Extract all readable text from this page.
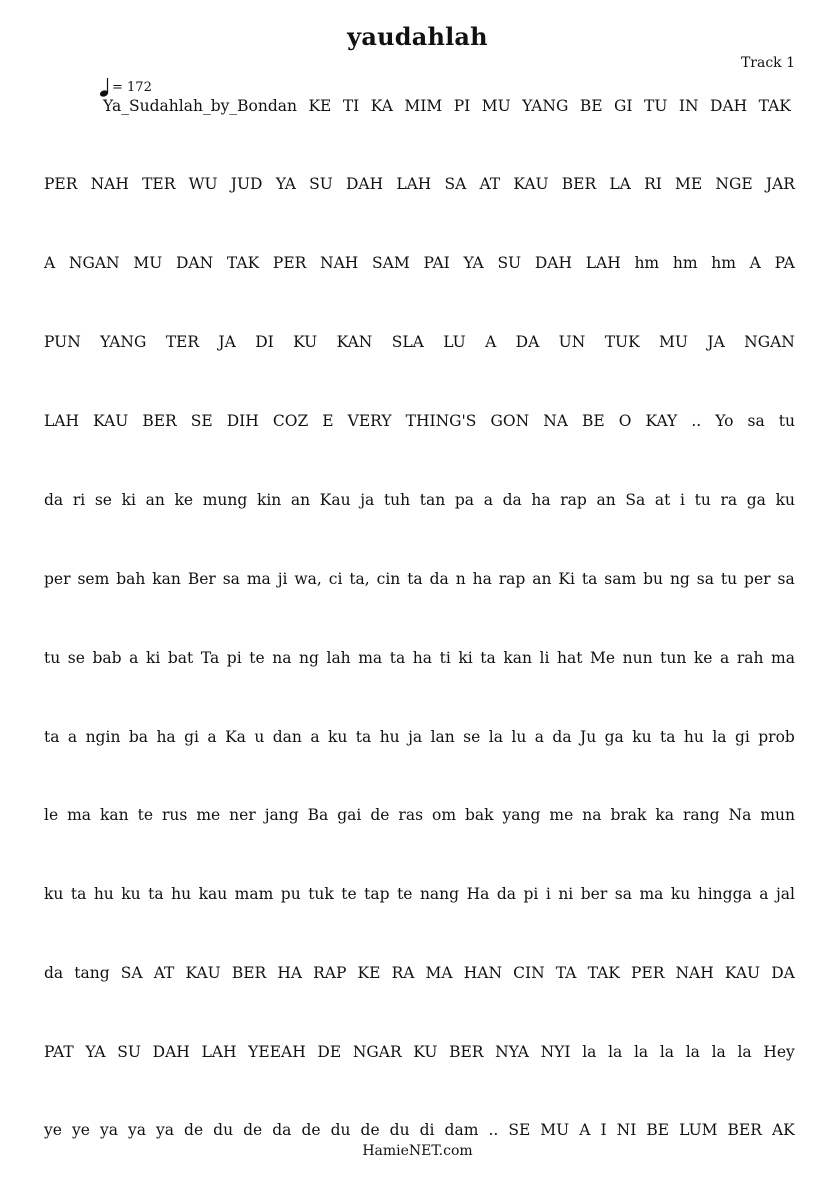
yaudahlah
Track 1
= 172
Ya_Sudahlah_by_Bondan KE TI KA MIM PI MU YANG BE GI TU IN DAH TAK
PER NAH TER WU JUD YA SU DAH LAH SA AT KAU BER LA RI ME NGE JAR
A NGAN MU DAN TAK PER NAH SAM PAI YA SU DAH LAH hm hm hm A PA
PUN YANG TER JA DI KU KAN SLA LU A DA UN TUK MU JA NGAN
LAH KAU BER SE DIH COZ E VERY THING'S GON NA BE O KAY .. Yo sa tu
da ri se ki an ke mung kin an Kau ja tuh tan pa a da ha rap an Sa at i tu ra ga ku
per sem bah kan Ber sa ma ji wa, ci ta, cin ta da n ha rap an Ki ta sam bu ng sa tu per sa
tu se bab a ki bat Ta pi te na ng lah ma ta ha ti ki ta kan li hat Me nun tun ke a rah ma
ta a ngin ba ha gi a Ka u dan a ku ta hu ja lan se la lu a da Ju ga ku ta hu la gi prob
le ma kan te rus me ner jang Ba gai de ras om bak yang me na brak ka rang Na mun
ku ta hu ku ta hu kau mam pu tuk te tap te nang Ha da pi i ni ber sa ma ku hingga a jal
da tang SA AT KAU BER HA RAP KE RA MA HAN CIN TA TAK PER NAH KAU DA
PAT YA SU DAH LAH YEEAH DE NGAR KU BER NYA NYI la la la la la la la Hey
ye ye ya ya ya de du de da de du de du di dam .. SE MU A I NI BE LUM BER AK
HamieNET.com
